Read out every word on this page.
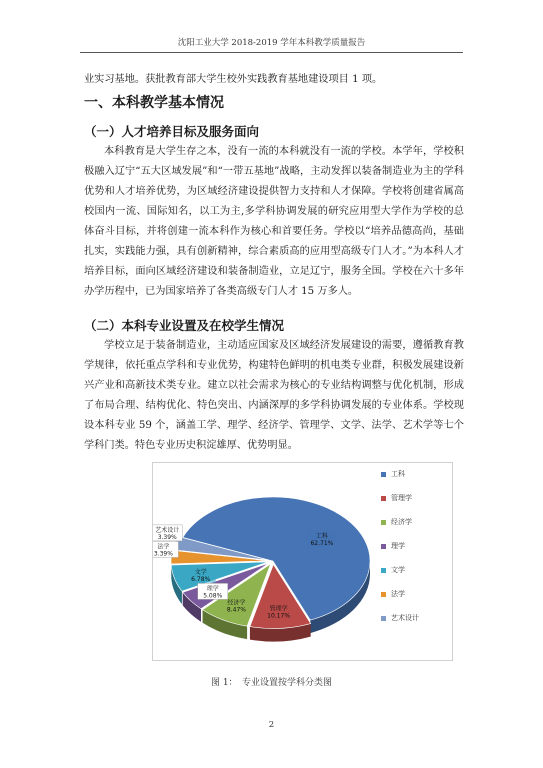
沈阳工业大学 2018-2019 学年本科教学质量报告

业实习基地。获批教育部大学生校外实践教育基地建设项目 1 项。

一、本科教学基本情况
（一）人才培养目标及服务面向

本科教育是大学生存之本，没有一流的本科就没有一流的学校。本学年，学校积极融入辽宁“五大区域发展”和“一带五基地”战略，主动发挥以装备制造业为主的学科优势和人才培养优势，为区域经济建设提供智力支持和人才保障。学校将创建省属高校国内一流、国际知名，以工为主,多学科协调发展的研究应用型大学作为学校的总体奋斗目标，并将创建一流本科作为核心和首要任务。学校以“培养品德高尚，基础扎实，实践能力强，具有创新精神，综合素质高的应用型高级专门人才。”为本科人才培养目标，面向区域经济建设和装备制造业，立足辽宁，服务全国。学校在六十多年办学历程中，已为国家培养了各类高级专门人才 15 万多人。

（二）本科专业设置及在校学生情况

学校立足于装备制造业，主动适应国家及区域经济发展建设的需要，遵循教育教学规律，依托重点学科和专业优势，构建特色鲜明的机电类专业群，积极发展建设新兴产业和高新技术类专业。建立以社会需求为核心的专业结构调整与优化机制，形成了布局合理、结构优化、特色突出、内涵深厚的多学科协调发展的专业体系。学校现设本科专业 59 个，涵盖工学、理学、经济学、管理学、文学、法学、艺术学等七个学科门类。特色专业历史积淀雄厚、优势明显。

工科
62.71%
管理学
10.17%
经济学
8.47%
理学
5.08%
文学
6.78%
法学
3.39%
艺术设计
3.39%
工科
管理学
经济学
理学
文学
法学
艺术设计
图 1：　专业设置按学科分类图
2
